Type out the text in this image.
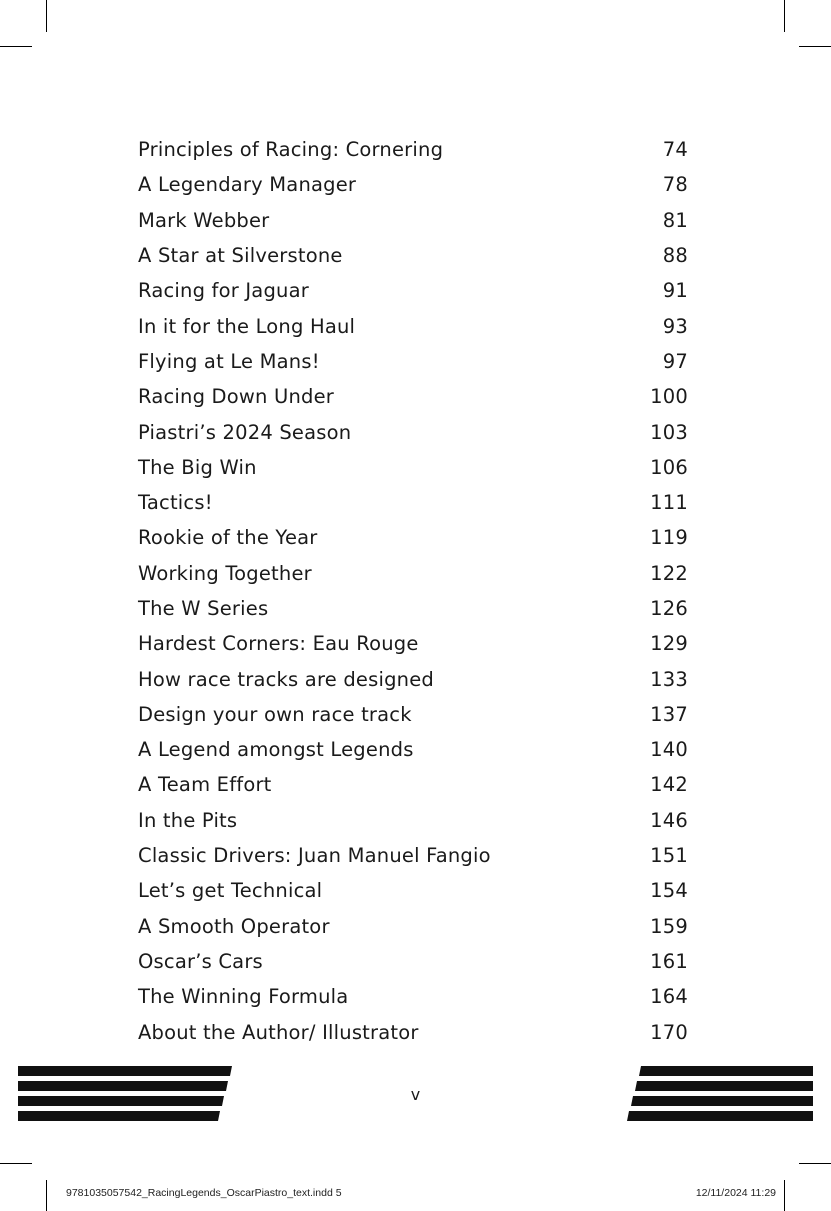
Principles of Racing: Cornering	74
A Legendary Manager	78
Mark Webber	81
A Star at Silverstone	88
Racing for Jaguar	91
In it for the Long Haul	93
Flying at Le Mans!	97
Racing Down Under	100
Piastri’s 2024 Season	103
The Big Win	106
Tactics!	111
Rookie of the Year	119
Working Together	122
The W Series	126
Hardest Corners: Eau Rouge	129
How race tracks are designed	133
Design your own race track	137
A Legend amongst Legends	140
A Team Effort	142
In the Pits	146
Classic Drivers: Juan Manuel Fangio	151
Let’s get Technical	154
A Smooth Operator	159
Oscar’s Cars	161
The Winning Formula	164
About the Author/ Illustrator	170
v
9781035057542_RacingLegends_OscarPiastro_text.indd 5	12/11/2024 11:29
